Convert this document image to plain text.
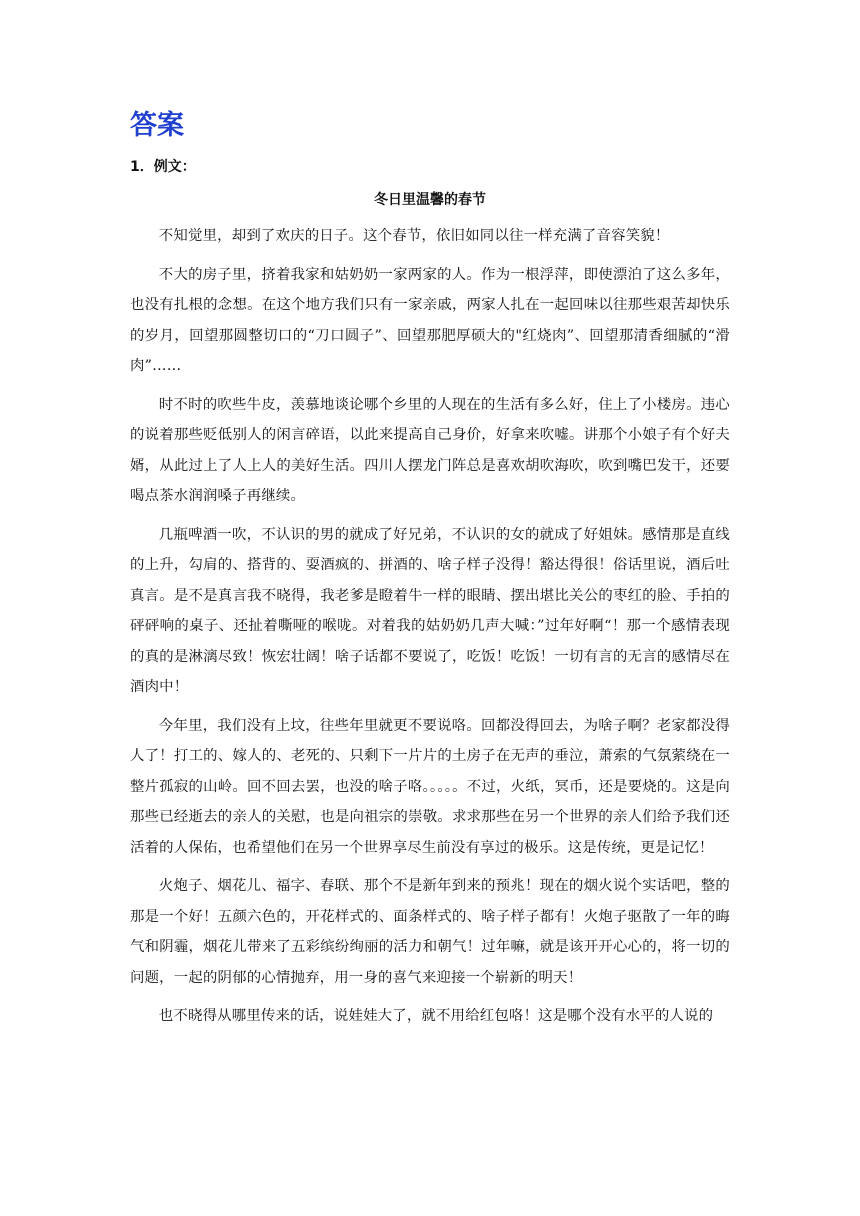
答案
1．例文：
冬日里温馨的春节

不知觉里，却到了欢庆的日子。这个春节，依旧如同以往一样充满了音容笑貌！

不大的房子里，挤着我家和姑奶奶一家两家的人。作为一根浮萍，即使漂泊了这么多年，也没有扎根的念想。在这个地方我们只有一家亲戚，两家人扎在一起回味以往那些艰苦却快乐的岁月，回望那圆整切口的“刀口圆子”、回望那肥厚硕大的"红烧肉”、回望那清香细腻的“滑肉”……

时不时的吹些牛皮，羡慕地谈论哪个乡里的人现在的生活有多么好，住上了小楼房。违心的说着那些贬低别人的闲言碎语，以此来提高自己身价，好拿来吹嘘。讲那个小娘子有个好夫婿，从此过上了人上人的美好生活。四川人摆龙门阵总是喜欢胡吹海吹，吹到嘴巴发干，还要喝点茶水润润嗓子再继续。

几瓶啤酒一吹，不认识的男的就成了好兄弟，不认识的女的就成了好姐妹。感情那是直线的上升，勾肩的、搭背的、耍酒疯的、拼酒的、啥子样子没得！豁达得很！俗话里说，酒后吐真言。是不是真言我不晓得，我老爹是瞪着牛一样的眼睛、摆出堪比关公的枣红的脸、手拍的砰砰响的桌子、还扯着嘶哑的喉咙。对着我的姑奶奶几声大喊：”过年好啊“！那一个感情表现的真的是淋漓尽致！恢宏壮阔！啥子话都不要说了，吃饭！吃饭！一切有言的无言的感情尽在酒肉中！

今年里，我们没有上坟，往些年里就更不要说咯。回都没得回去，为啥子啊？老家都没得人了！打工的、嫁人的、老死的、只剩下一片片的土房子在无声的垂泣，萧索的气氛萦绕在一整片孤寂的山岭。回不回去罢，也没的啥子咯。。。。。不过，火纸，冥币，还是要烧的。这是向那些已经逝去的亲人的关慰，也是向祖宗的崇敬。求求那些在另一个世界的亲人们给予我们还活着的人保佑，也希望他们在另一个世界享尽生前没有享过的极乐。这是传统，更是记忆！

火炮子、烟花儿、福字、春联、那个不是新年到来的预兆！现在的烟火说个实话吧，整的那是一个好！五颜六色的，开花样式的、面条样式的、啥子样子都有！火炮子驱散了一年的晦气和阴霾，烟花儿带来了五彩缤纷绚丽的活力和朝气！过年嘛，就是该开开心心的，将一切的问题，一起的阴郁的心情抛弃，用一身的喜气来迎接一个崭新的明天！

也不晓得从哪里传来的话，说娃娃大了，就不用给红包咯！这是哪个没有水平的人说的
